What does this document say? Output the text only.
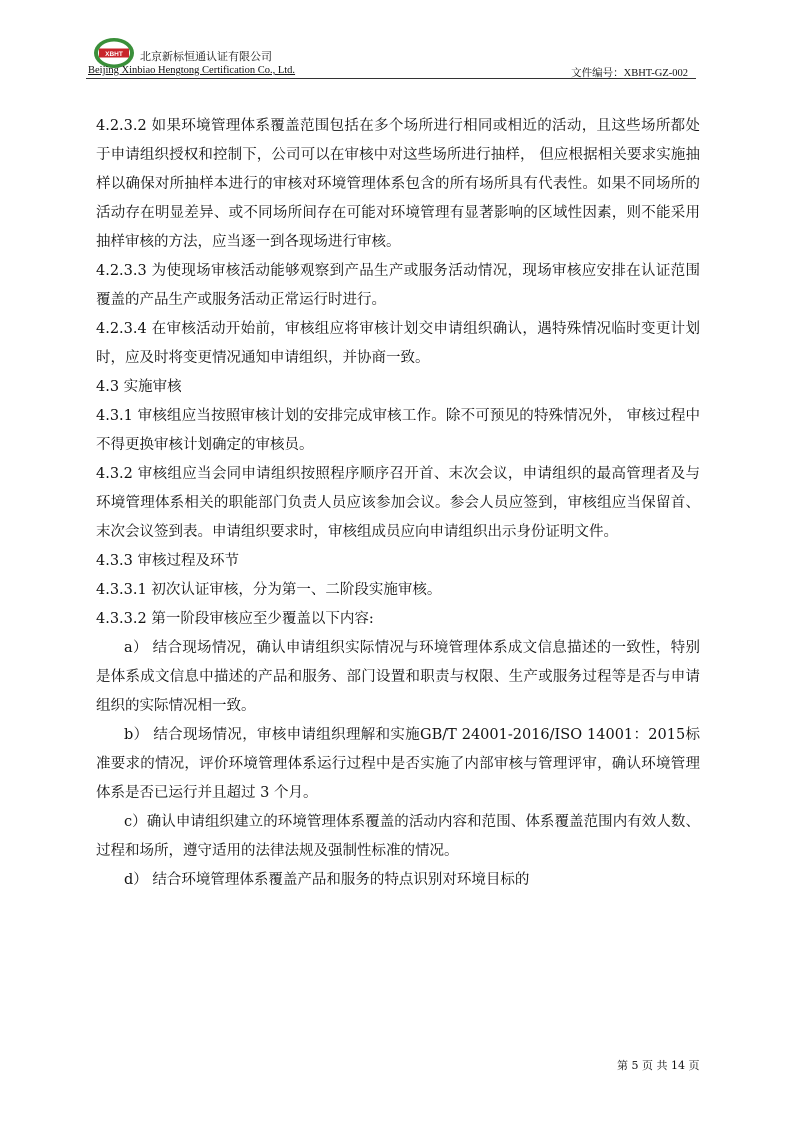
XBHT 北京新标恒通认证有限公司
Beijing Xinbiao Hengtong Certification Co., Ltd.	文件编号：XBHT-GZ-002

4.2.3.2 如果环境管理体系覆盖范围包括在多个场所进行相同或相近的活动，且这些场所都处于申请组织授权和控制下，公司可以在审核中对这些场所进行抽样， 但应根据相关要求实施抽样以确保对所抽样本进行的审核对环境管理体系包含的所有场所具有代表性。如果不同场所的活动存在明显差异、或不同场所间存在可能对环境管理有显著影响的区域性因素，则不能采用抽样审核的方法，应当逐一到各现场进行审核。

4.2.3.3 为使现场审核活动能够观察到产品生产或服务活动情况，现场审核应安排在认证范围覆盖的产品生产或服务活动正常运行时进行。

4.2.3.4 在审核活动开始前，审核组应将审核计划交申请组织确认，遇特殊情况临时变更计划时，应及时将变更情况通知申请组织，并协商一致。

4.3 实施审核

4.3.1 审核组应当按照审核计划的安排完成审核工作。除不可预见的特殊情况外， 审核过程中不得更换审核计划确定的审核员。

4.3.2 审核组应当会同申请组织按照程序顺序召开首、末次会议，申请组织的最高管理者及与环境管理体系相关的职能部门负责人员应该参加会议。参会人员应签到，审核组应当保留首、末次会议签到表。申请组织要求时，审核组成员应向申请组织出示身份证明文件。

4.3.3 审核过程及环节

4.3.3.1 初次认证审核，分为第一、二阶段实施审核。

4.3.3.2 第一阶段审核应至少覆盖以下内容:

a） 结合现场情况，确认申请组织实际情况与环境管理体系成文信息描述的一致性，特别是体系成文信息中描述的产品和服务、部门设置和职责与权限、生产或服务过程等是否与申请组织的实际情况相一致。

b） 结合现场情况，审核申请组织理解和实施GB/T 24001-2016/ISO 14001：2015标准要求的情况，评价环境管理体系运行过程中是否实施了内部审核与管理评审，确认环境管理体系是否已运行并且超过 3 个月。

c）确认申请组织建立的环境管理体系覆盖的活动内容和范围、体系覆盖范围内有效人数、过程和场所，遵守适用的法律法规及强制性标准的情况。

d） 结合环境管理体系覆盖产品和服务的特点识别对环境目标的

第 5 页 共 14 页
